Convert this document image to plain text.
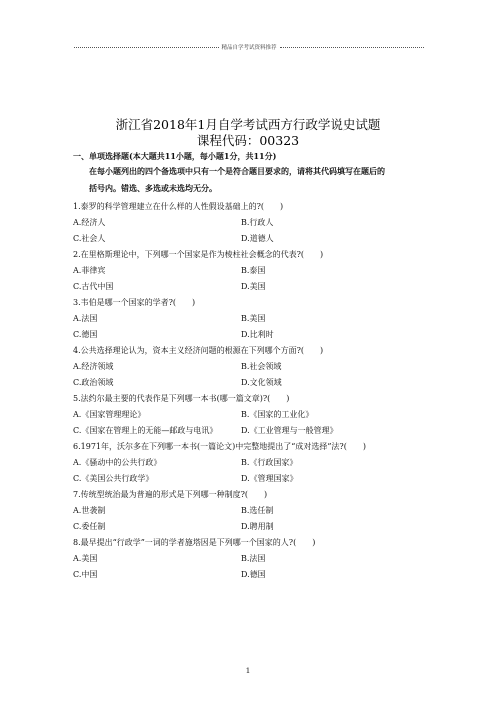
精品自学考试资料推荐
浙江省2018年1月自学考试西方行政学说史试题
课程代码：00323
一、单项选择题(本大题共11小题，每小题1分，共11分)
在每小题列出的四个备选项中只有一个是符合题目要求的，请将其代码填写在题后的
括号内。错选、多选或未选均无分。
1.泰罗的科学管理建立在什么样的人性假设基础上的?(　　)
A.经济人	B.行政人
C.社会人	D.道德人
2.在里格斯理论中，下列哪一个国家是作为棱柱社会概念的代表?(　　)
A.菲律宾	B.泰国
C.古代中国	D.美国
3.韦伯是哪一个国家的学者?(　　)
A.法国	B.美国
C.德国	D.比利时
4.公共选择理论认为，资本主义经济问题的根源在下列哪个方面?(　　)
A.经济领域	B.社会领域
C.政治领域	D.文化领域
5.法约尔最主要的代表作是下列哪一本书(哪一篇文章)?(　　)
A.《国家管理理论》	B.《国家的工业化》
C.《国家在管理上的无能—邮政与电讯》	D.《工业管理与一般管理》
6.1971年，沃尔多在下列哪一本书(一篇论文)中完整地提出了“成对选择”法?(　　)
A.《骚动中的公共行政》	B.《行政国家》
C.《美国公共行政学》	D.《管理国家》
7.传统型统治最为普遍的形式是下列哪一种制度?(　　)
A.世袭制	B.选任制
C.委任制	D.聘用制
8.最早提出“行政学”一词的学者施塔因是下列哪一个国家的人?(　　)
A.美国	B.法国
C.中国	D.德国
1
